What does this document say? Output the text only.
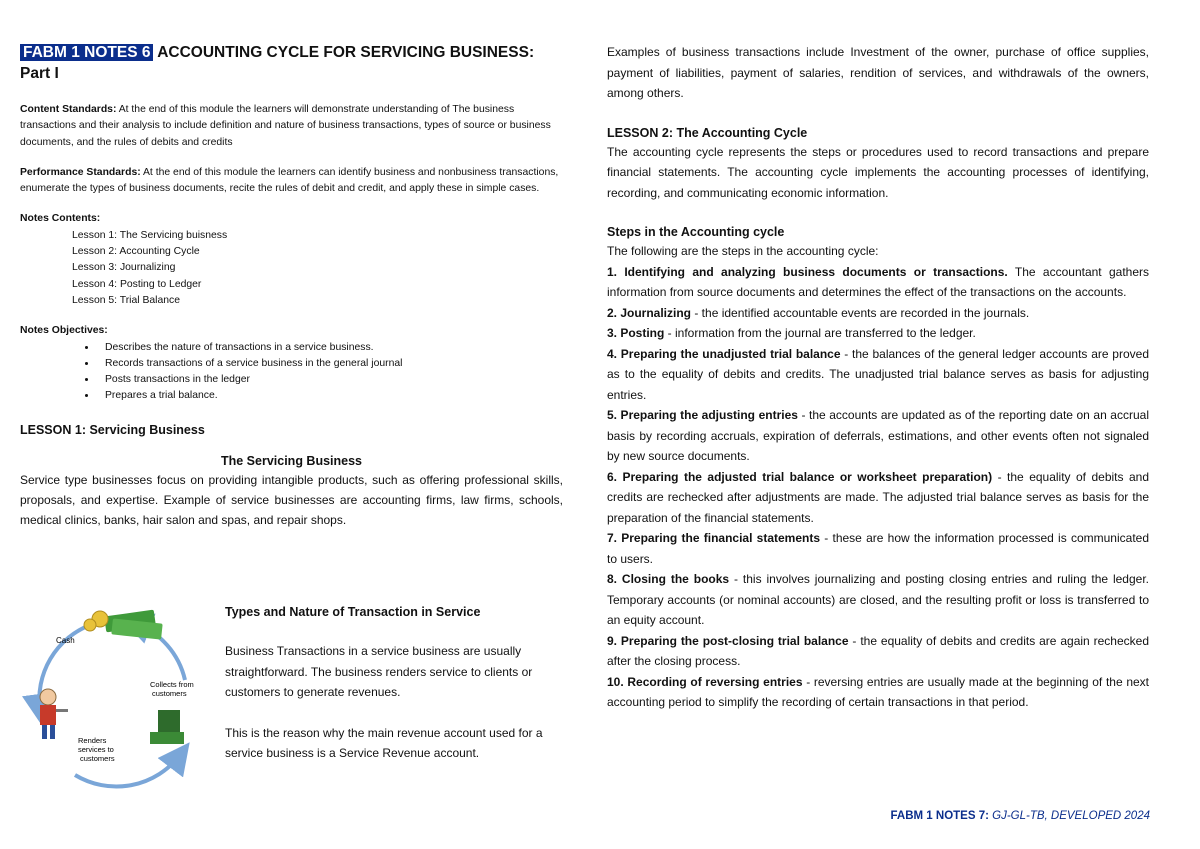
FABM 1 NOTES 6 ACCOUNTING CYCLE FOR SERVICING BUSINESS:
Part I

Content Standards: At the end of this module the learners will demonstrate understanding of The business transactions and their analysis to include definition and nature of business transactions, types of source or business documents, and the rules of debits and credits

Performance Standards: At the end of this module the learners can identify business and nonbusiness transactions, enumerate the types of business documents, recite the rules of debit and credit, and apply these in simple cases.

Notes Contents:

Lesson 1: The Servicing buisness
Lesson 2: Accounting Cycle
Lesson 3: Journalizing
Lesson 4: Posting to Ledger
Lesson 5: Trial Balance

Notes Objectives:

• Describes the nature of transactions in a service business.
• Records transactions of a service business in the general journal
• Posts transactions in the ledger
• Prepares a trial balance.

LESSON 1: Servicing Business

The Servicing Business

Service type businesses focus on providing intangible products, such as offering professional skills, proposals, and expertise. Example of service businesses are accounting firms, law firms, schools, medical clinics, banks, hair salon and spas, and repair shops.

Cash
Collects from
customers
Renders
services to
customers

Types and Nature of Transaction in Service

Business Transactions in a service business are usually straightforward. The business renders service to clients or customers to generate revenues.

This is the reason why the main revenue account used for a service business is a Service Revenue account.

Examples of business transactions include Investment of the owner, purchase of office supplies, payment of liabilities, payment of salaries, rendition of services, and withdrawals of the owners, among others.

LESSON 2: The Accounting Cycle

The accounting cycle represents the steps or procedures used to record transactions and prepare financial statements. The accounting cycle implements the accounting processes of identifying, recording, and communicating economic information.

Steps in the Accounting cycle

The following are the steps in the accounting cycle:

1. Identifying and analyzing business documents or transactions. The accountant gathers information from source documents and determines the effect of the transactions on the accounts.

2. Journalizing - the identified accountable events are recorded in the journals.

3. Posting - information from the journal are transferred to the ledger.

4. Preparing the unadjusted trial balance - the balances of the general ledger accounts are proved as to the equality of debits and credits. The unadjusted trial balance serves as basis for adjusting entries.

5. Preparing the adjusting entries - the accounts are updated as of the reporting date on an accrual basis by recording accruals, expiration of deferrals, estimations, and other events often not signaled by new source documents.

6. Preparing the adjusted trial balance or worksheet preparation) - the equality of debits and credits are rechecked after adjustments are made. The adjusted trial balance serves as basis for the preparation of the financial statements.

7. Preparing the financial statements - these are how the information processed is communicated to users.

8. Closing the books - this involves journalizing and posting closing entries and ruling the ledger. Temporary accounts (or nominal accounts) are closed, and the resulting profit or loss is transferred to an equity account.

9. Preparing the post-closing trial balance - the equality of debits and credits are again rechecked after the closing process.

10. Recording of reversing entries - reversing entries are usually made at the beginning of the next accounting period to simplify the recording of certain transactions in that period.

FABM 1 NOTES 7: GJ-GL-TB, DEVELOPED 2024
